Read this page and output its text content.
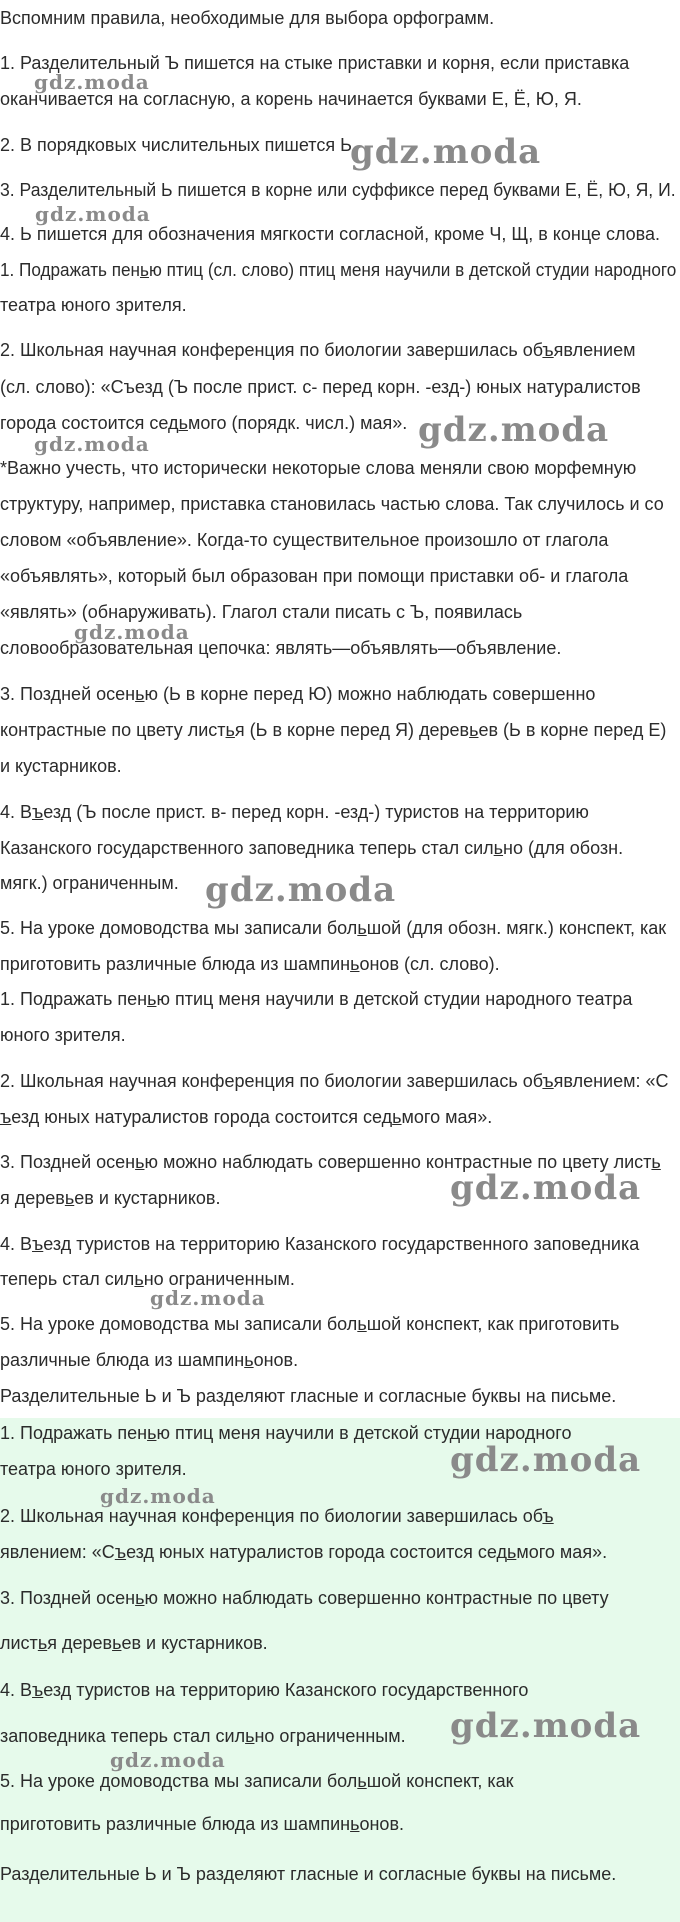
Вспомним правила, необходимые для выбора орфограмм.
1. Разделительный Ъ пишется на стыке приставки и корня, если приставка
оканчивается на согласную, а корень начинается буквами Е, Ё, Ю, Я.
2. В порядковых числительных пишется Ь.
3. Разделительный Ь пишется в корне или суффиксе перед буквами Е, Ё, Ю, Я, И.
4. Ь пишется для обозначения мягкости согласной, кроме Ч, Щ, в конце слова.
1. Подражать пенью птиц (сл. слово) птиц меня научили в детской студии народного
театра юного зрителя.
2. Школьная научная конференция по биологии завершилась объявлением
(сл. слово): «Съезд (Ъ после прист. с- перед корн. -езд-) юных натуралистов
города состоится седьмого (порядк. числ.) мая».
*Важно учесть, что исторически некоторые слова меняли свою морфемную
структуру, например, приставка становилась частью слова. Так случилось и со
словом «объявление». Когда-то существительное произошло от глагола
«объявлять», который был образован при помощи приставки об- и глагола
«являть» (обнаруживать). Глагол стали писать с Ъ, появилась
словообразовательная цепочка: являть—объявлять—объявление.
3. Поздней осенью (Ь в корне перед Ю) можно наблюдать совершенно
контрастные по цвету листья (Ь в корне перед Я) деревьев (Ь в корне перед Е)
и кустарников.
4. Въезд (Ъ после прист. в- перед корн. -езд-) туристов на территорию
Казанского государственного заповедника теперь стал сильно (для обозн.
мягк.) ограниченным.
5. На уроке домоводства мы записали большой (для обозн. мягк.) конспект, как
приготовить различные блюда из шампиньонов (сл. слово).
1. Подражать пенью птиц меня научили в детской студии народного театра
юного зрителя.
2. Школьная научная конференция по биологии завершилась объявлением: «С
ъезд юных натуралистов города состоится седьмого мая».
3. Поздней осенью можно наблюдать совершенно контрастные по цвету листь
я деревьев и кустарников.
4. Въезд туристов на территорию Казанского государственного заповедника
теперь стал сильно ограниченным.
5. На уроке домоводства мы записали большой конспект, как приготовить
различные блюда из шампиньонов.
Разделительные Ь и Ъ разделяют гласные и согласные буквы на письме.
1. Подражать пенью птиц меня научили в детской студии народного
театра юного зрителя.
2. Школьная научная конференция по биологии завершилась объ
явлением: «Съезд юных натуралистов города состоится седьмого мая».
3. Поздней осенью можно наблюдать совершенно контрастные по цвету
листья деревьев и кустарников.
4. Въезд туристов на территорию Казанского государственного
заповедника теперь стал сильно ограниченным.
5. На уроке домоводства мы записали большой конспект, как
приготовить различные блюда из шампиньонов.
Разделительные Ь и Ъ разделяют гласные и согласные буквы на письме.
gdz.moda
gdz.moda
gdz.moda
gdz.moda	gdz.moda
gdz.moda
gdz.moda
gdz.moda
gdz.moda
gdz.moda
gdz.moda
gdz.moda
gdz.moda
